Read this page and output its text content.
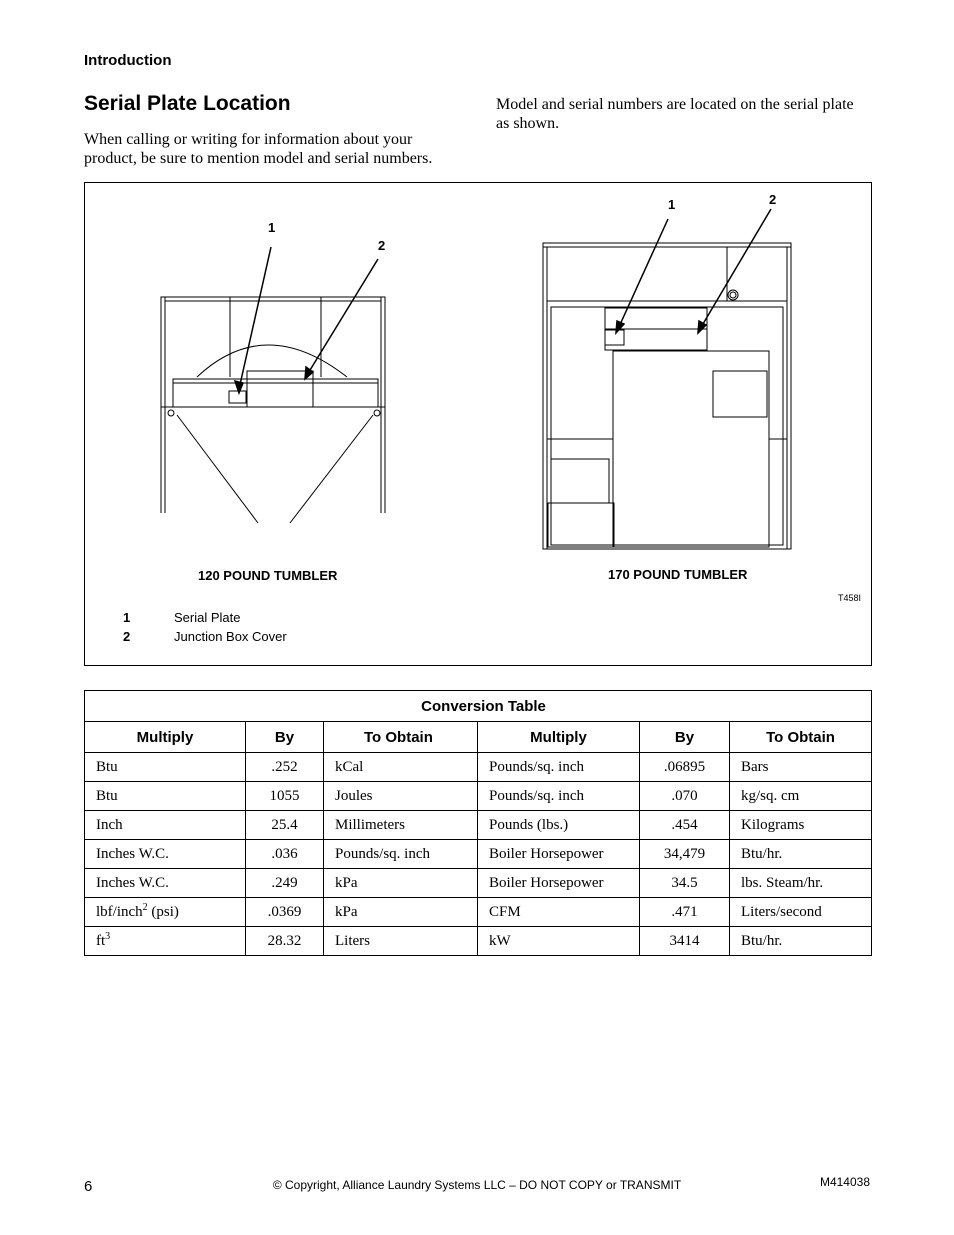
Introduction
Serial Plate Location

When calling or writing for information about your product, be sure to mention model and serial numbers.

Model and serial numbers are located on the serial plate as shown.

1
2
1	2
120 POUND TUMBLER	170 POUND TUMBLER
T458I
1	Serial Plate
2	Junction Box Cover
Conversion Table					
Multiply	By	To Obtain	Multiply	By	To Obtain
Btu	.252	kCal	Pounds/sq. inch	.06895	Bars
Btu	1055	Joules	Pounds/sq. inch	.070	kg/sq. cm
Inch	25.4	Millimeters	Pounds (lbs.)	.454	Kilograms
Inches W.C.	.036	Pounds/sq. inch	Boiler Horsepower	34,479	Btu/hr.
Inches W.C.	.249	kPa	Boiler Horsepower	34.5	lbs. Steam/hr.
lbf/inch$^2$ (psi)	.0369	kPa	CFM	.471	Liters/second
$ft^3$	28.32	Liters	kW	3414	Btu/hr.
6	© Copyright, Alliance Laundry Systems LLC – DO NOT COPY or TRANSMIT	M414038
